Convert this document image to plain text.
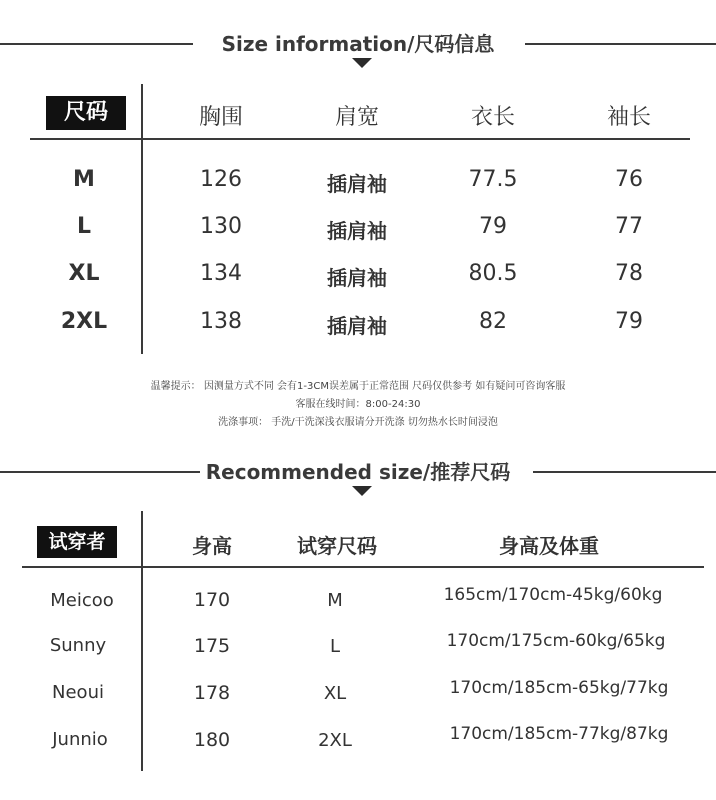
Size information/尺码信息
尺码	胸围	肩宽	衣长	袖长
M	126	插肩袖	77.5	76
L	130	插肩袖	79	77
XL	134	插肩袖	80.5	78
2XL	138	插肩袖	82	79
温馨提示： 因测量方式不同 会有1-3CM误差属于正常范围 尺码仅供参考 如有疑问可咨询客服
客服在线时间：8:00-24:30
洗涤事项： 手洗/干洗深浅衣服请分开洗涤 切勿热水长时间浸泡
Recommended size/推荐尺码
试穿者	身高	试穿尺码	身高及体重
Meicoo	170	M	165cm/170cm-45kg/60kg
Sunny	175	L	170cm/175cm-60kg/65kg
Neoui	178	XL	170cm/185cm-65kg/77kg
Junnio	180	2XL	170cm/185cm-77kg/87kg
